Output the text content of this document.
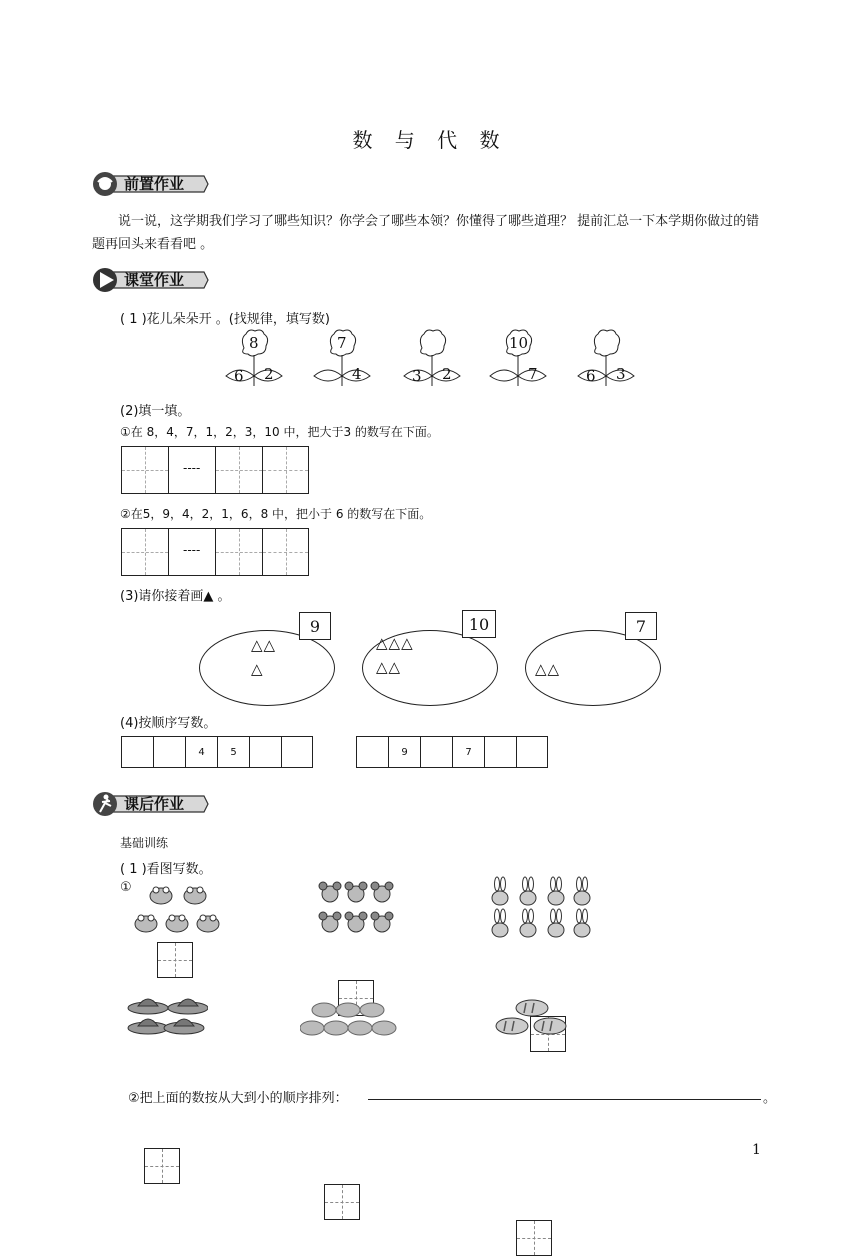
数 与 代 数
前置作业
说一说，这学期我们学习了哪些知识？你学会了哪些本领？你懂得了哪些道理？ 提前汇总一下本学期你做过的错题再回头来看看吧 。
课堂作业
( 1 )花儿朵朵开 。(找规律，填写数)
8
6 2
7
4	3 2
10
7	6 3
(2)填一填。
①在 8，4，7，1，2，3，10 中，把大于3 的数写在下面。
----
②在5，9，4，2，1，6，8 中，把小于 6 的数写在下面。
----
(3)请你接着画▲ 。
9
△△
△
10
△△△
△△
7
△△
(4)按顺序写数。
4	5	9	7
课后作业
基础训练
( 1 )看图写数。
①
②把上面的数按从大到小的顺序排列：	。
1
